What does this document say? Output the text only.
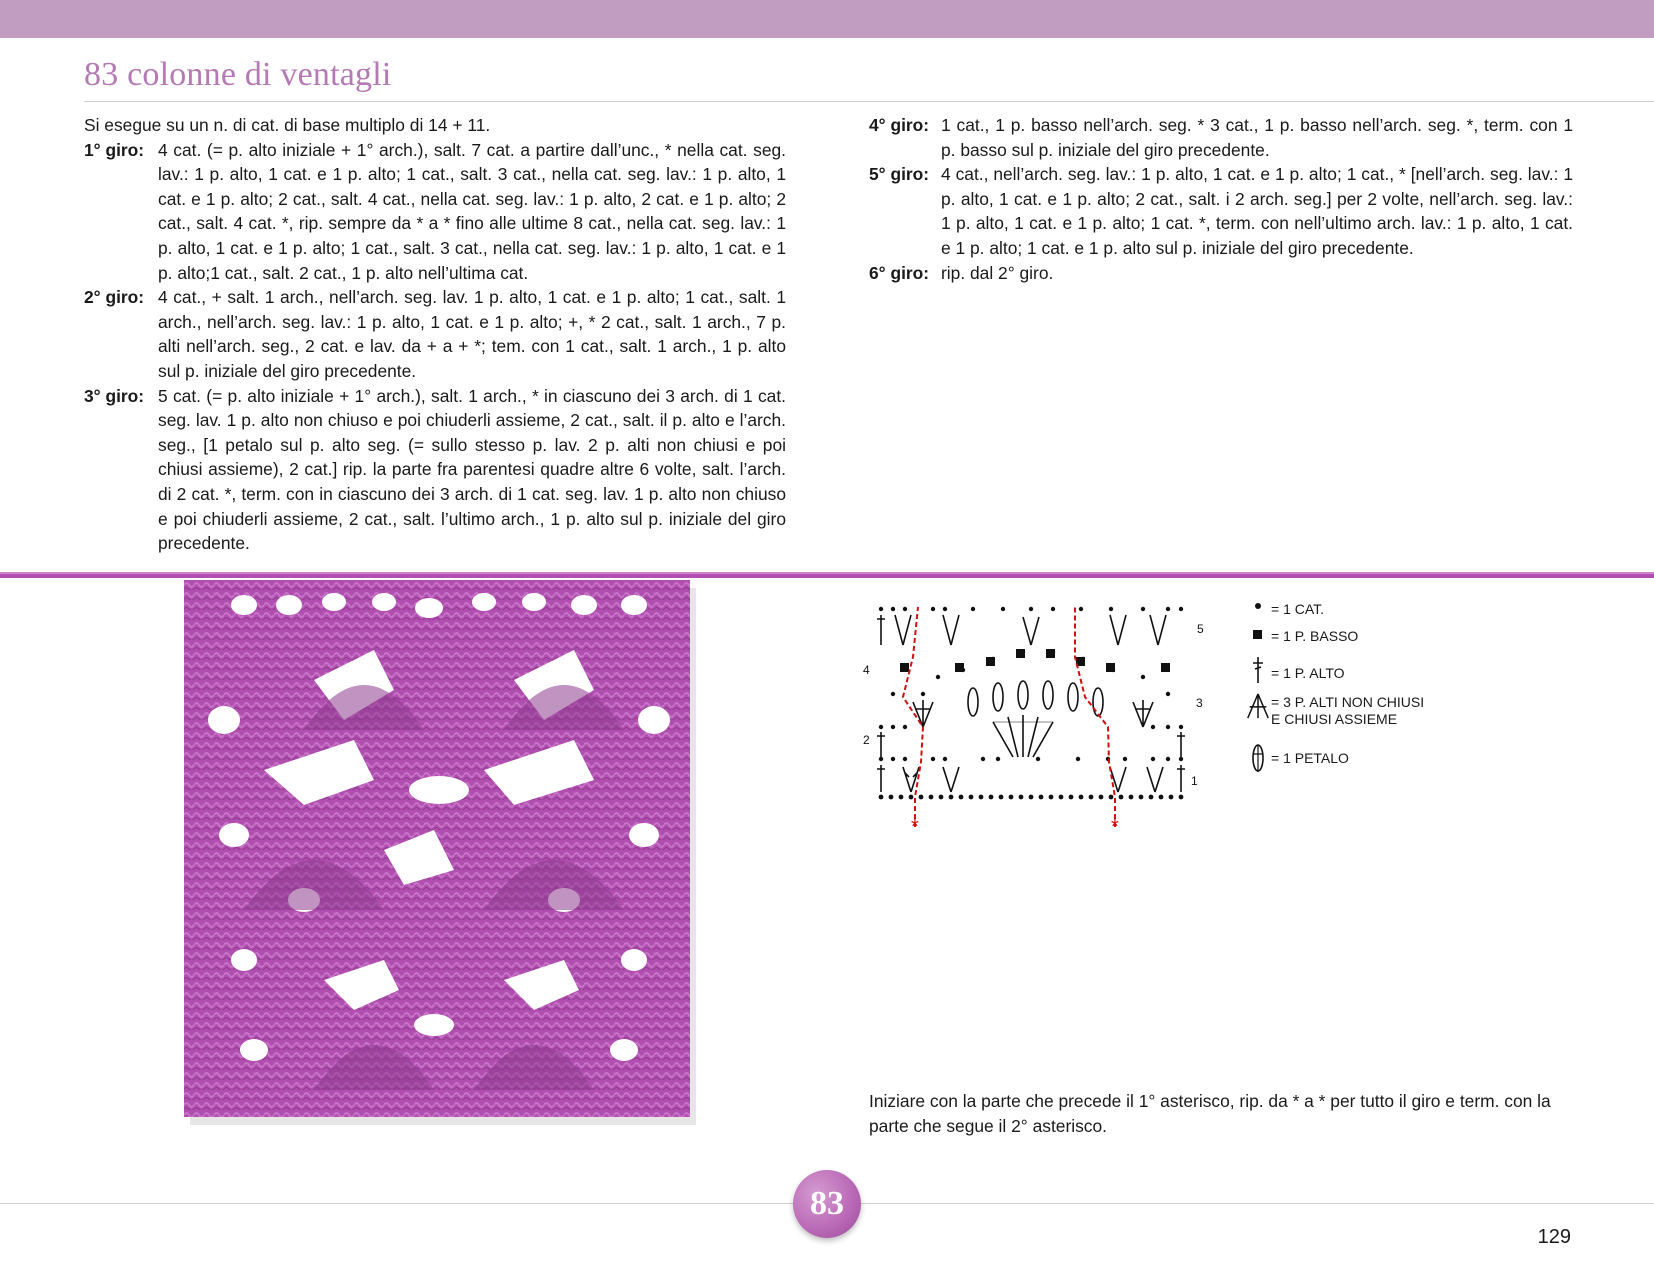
83 colonne di ventagli

Si esegue su un n. di cat. di base multiplo di 14 + 11.

1° giro: 4 cat. (= p. alto iniziale + 1° arch.), salt. 7 cat. a partire dall’unc., * nella cat. seg. lav.: 1 p. alto, 1 cat. e 1 p. alto; 1 cat., salt. 3 cat., nella cat. seg. lav.: 1 p. alto, 1 cat. e 1 p. alto; 2 cat., salt. 4 cat., nella cat. seg. lav.: 1 p. alto, 2 cat. e 1 p. alto; 2 cat., salt. 4 cat. *, rip. sempre da * a * fino alle ultime 8 cat., nella cat. seg. lav.: 1 p. alto, 1 cat. e 1 p. alto; 1 cat., salt. 3 cat., nella cat. seg. lav.: 1 p. alto, 1 cat. e 1 p. alto;1 cat., salt. 2 cat., 1 p. alto nell’ultima cat.
2° giro: 4 cat., + salt. 1 arch., nell’arch. seg. lav. 1 p. alto, 1 cat. e 1 p. alto; 1 cat., salt. 1 arch., nell’arch. seg. lav.: 1 p. alto, 1 cat. e 1 p. alto; +, * 2 cat., salt. 1 arch., 7 p. alti nell’arch. seg., 2 cat. e lav. da + a + *; tem. con 1 cat., salt. 1 arch., 1 p. alto sul p. iniziale del giro precedente.
3° giro: 5 cat. (= p. alto iniziale + 1° arch.), salt. 1 arch., * in ciascuno dei 3 arch. di 1 cat. seg. lav. 1 p. alto non chiuso e poi chiuderli assieme, 2 cat., salt. il p. alto e l’arch. seg., [1 petalo sul p. alto seg. (= sullo stesso p. lav. 2 p. alti non chiusi e poi chiusi assieme), 2 cat.] rip. la parte fra parentesi quadre altre 6 volte, salt. l’arch. di 2 cat. *, term. con in ciascuno dei 3 arch. di 1 cat. seg. lav. 1 p. alto non chiuso e poi chiuderli assieme, 2 cat., salt. l’ultimo arch., 1 p. alto sul p. iniziale del giro precedente.
4° giro: 1 cat., 1 p. basso nell’arch. seg. * 3 cat., 1 p. basso nell’arch. seg. *, term. con 1 p. basso sul p. iniziale del giro precedente.
5° giro: 4 cat., nell’arch. seg. lav.: 1 p. alto, 1 cat. e 1 p. alto; 1 cat., * [nell’arch. seg. lav.: 1 p. alto, 1 cat. e 1 p. alto; 2 cat., salt. i 2 arch. seg.] per 2 volte, nell’arch. seg. lav.: 1 p. alto, 1 cat. e 1 p. alto; 1 cat. *, term. con nell’ultimo arch. lav.: 1 p. alto, 1 cat. e 1 p. alto; 1 cat. e 1 p. alto sul p. iniziale del giro precedente.
6° giro: rip. dal 2° giro.
*	*
1
2
3
4
5
= 1 CAT.
= 1 P. BASSO
= 1 P. ALTO
= 3 P. ALTI NON CHIUSI
E CHIUSI ASSIEME
= 1 PETALO
Iniziare con la parte che precede il 1° asterisco, rip. da * a * per tutto il giro e term. con la parte che segue il 2° asterisco.
83
129
